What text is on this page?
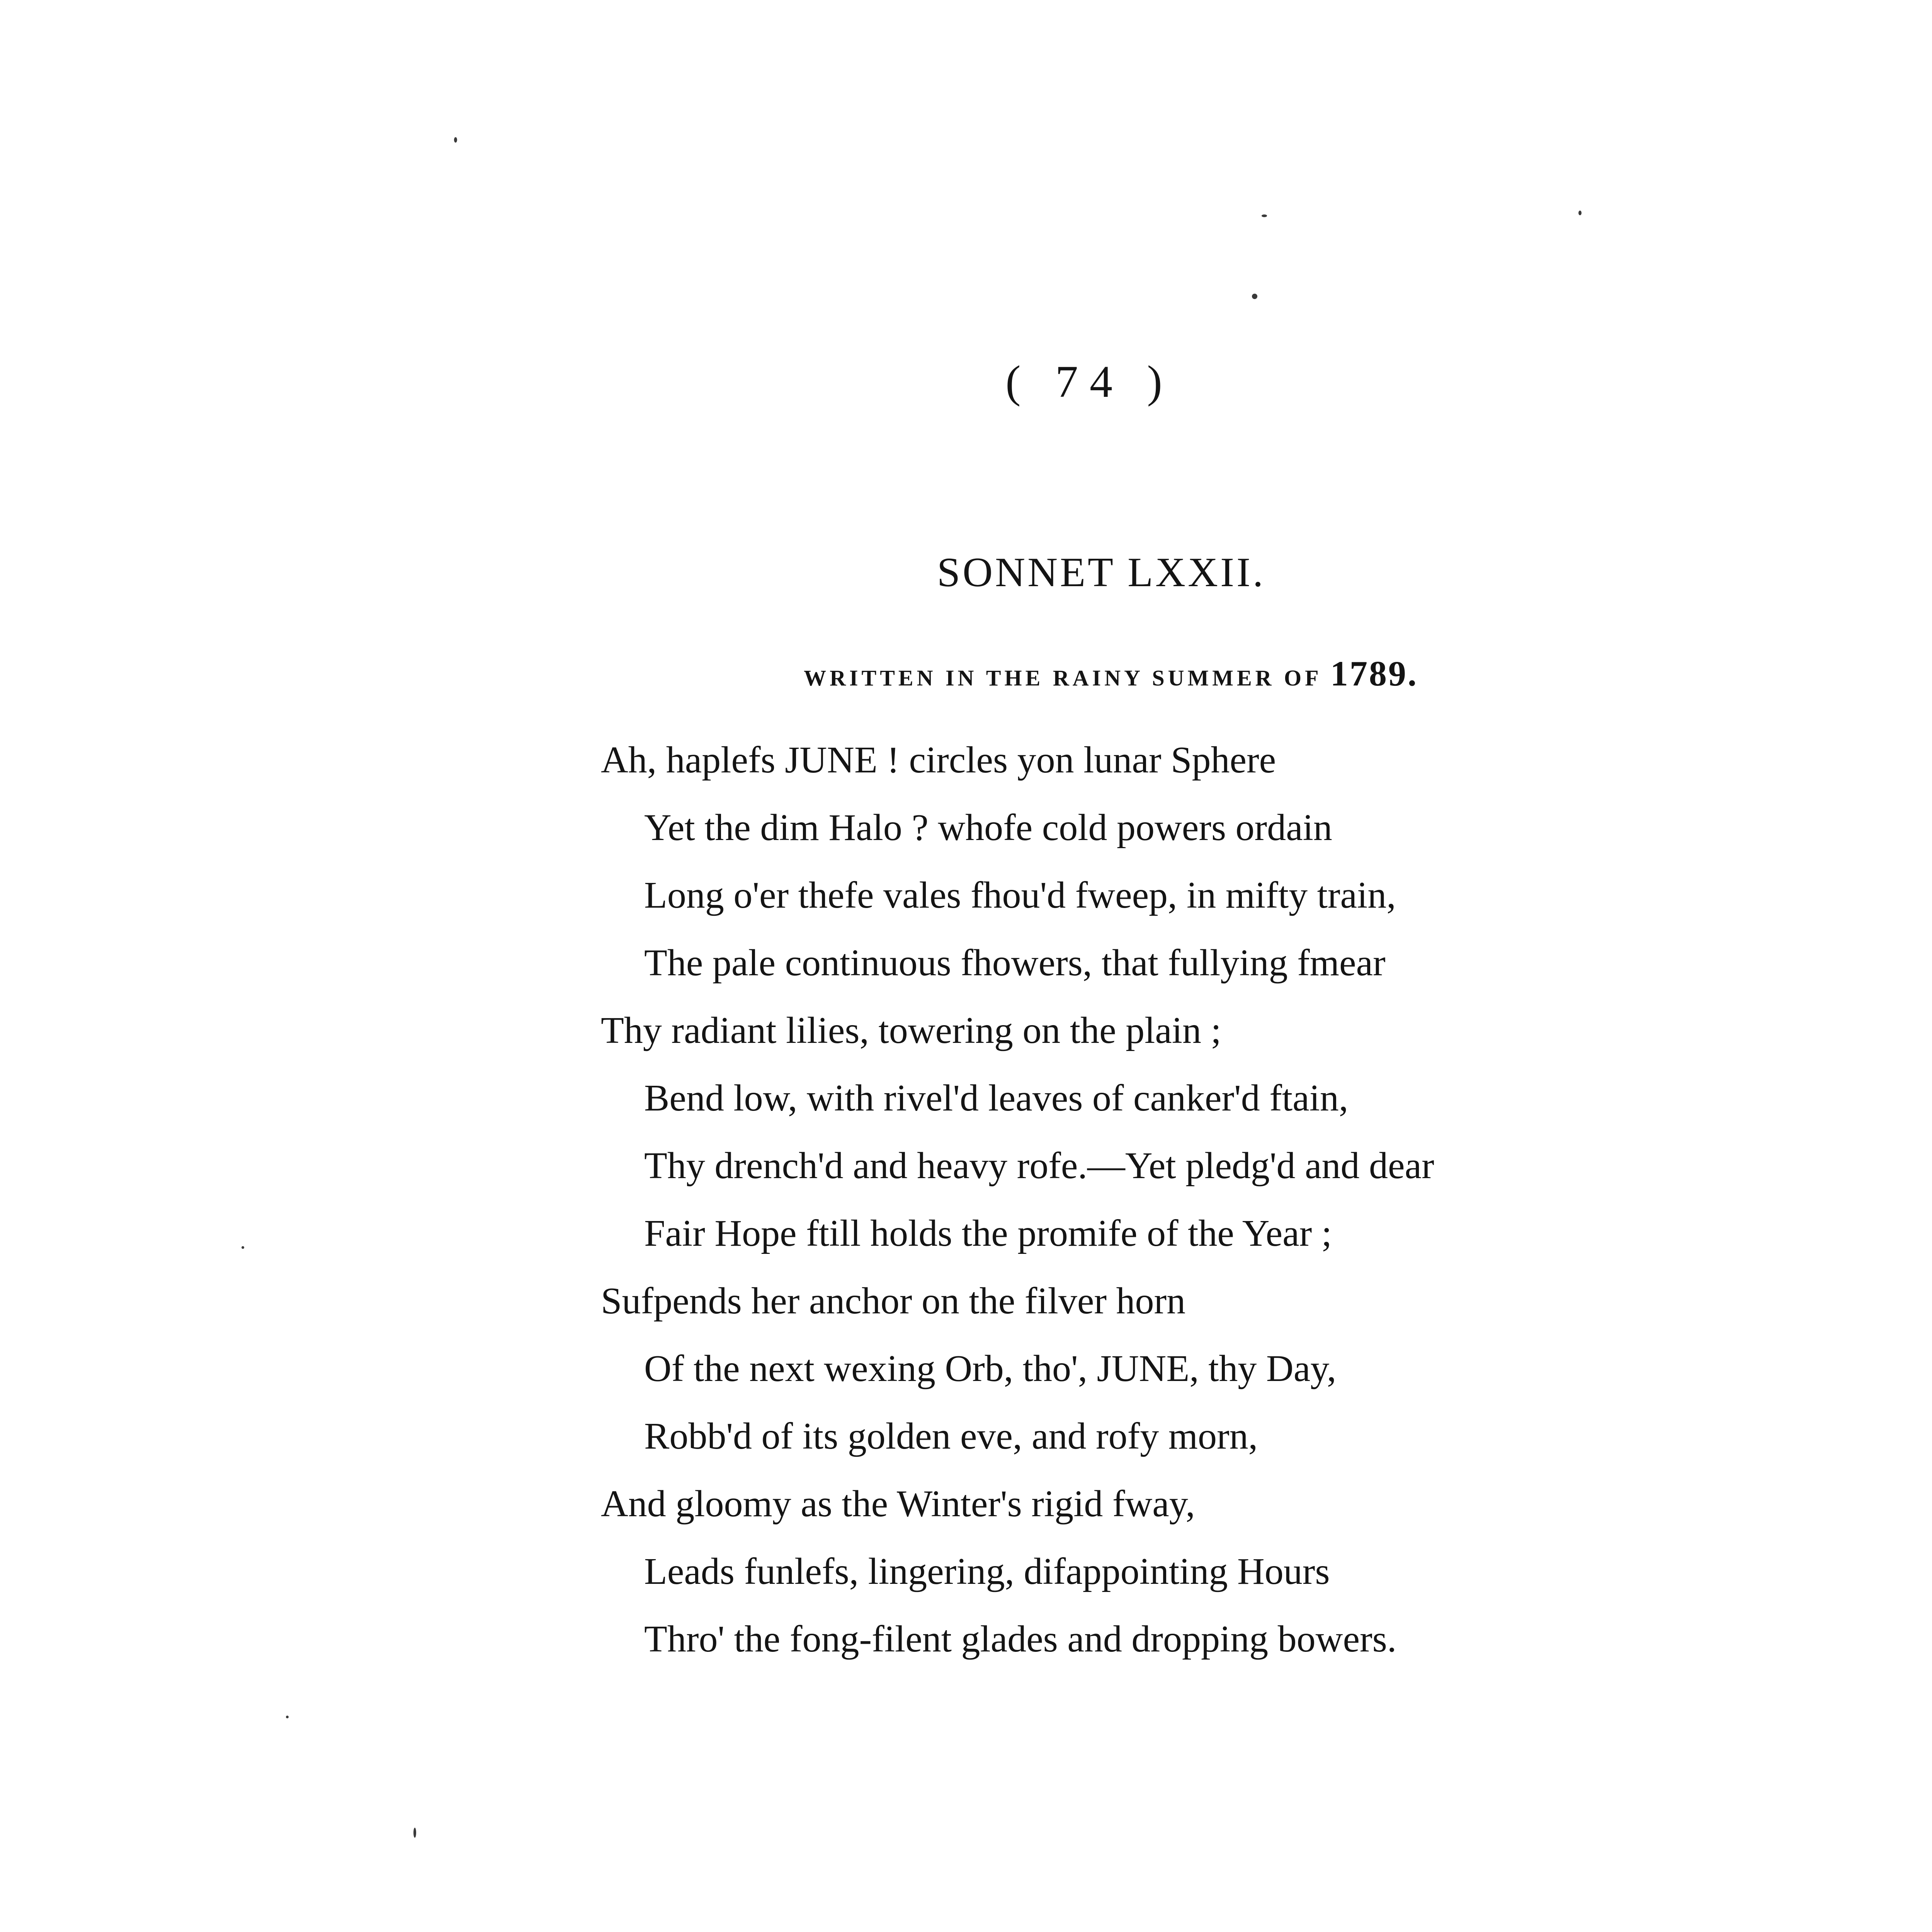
( 74 )
SONNET LXXII.
WRITTEN IN THE RAINY SUMMER OF 1789.
Ah, haplefs JUNE ! circles yon lunar Sphere
Yet the dim Halo ? whofe cold powers ordain
Long o'er thefe vales fhou'd fweep, in mifty train,
The pale continuous fhowers, that fullying fmear
Thy radiant lilies, towering on the plain ;
Bend low, with rivel'd leaves of canker'd ftain,
Thy drench'd and heavy rofe.—Yet pledg'd and dear
Fair Hope ftill holds the promife of the Year ;
Sufpends her anchor on the filver horn
Of the next wexing Orb, tho', JUNE, thy Day,
Robb'd of its golden eve, and rofy morn,
And gloomy as the Winter's rigid fway,
Leads funlefs, lingering, difappointing Hours
Thro' the fong-filent glades and dropping bowers.
